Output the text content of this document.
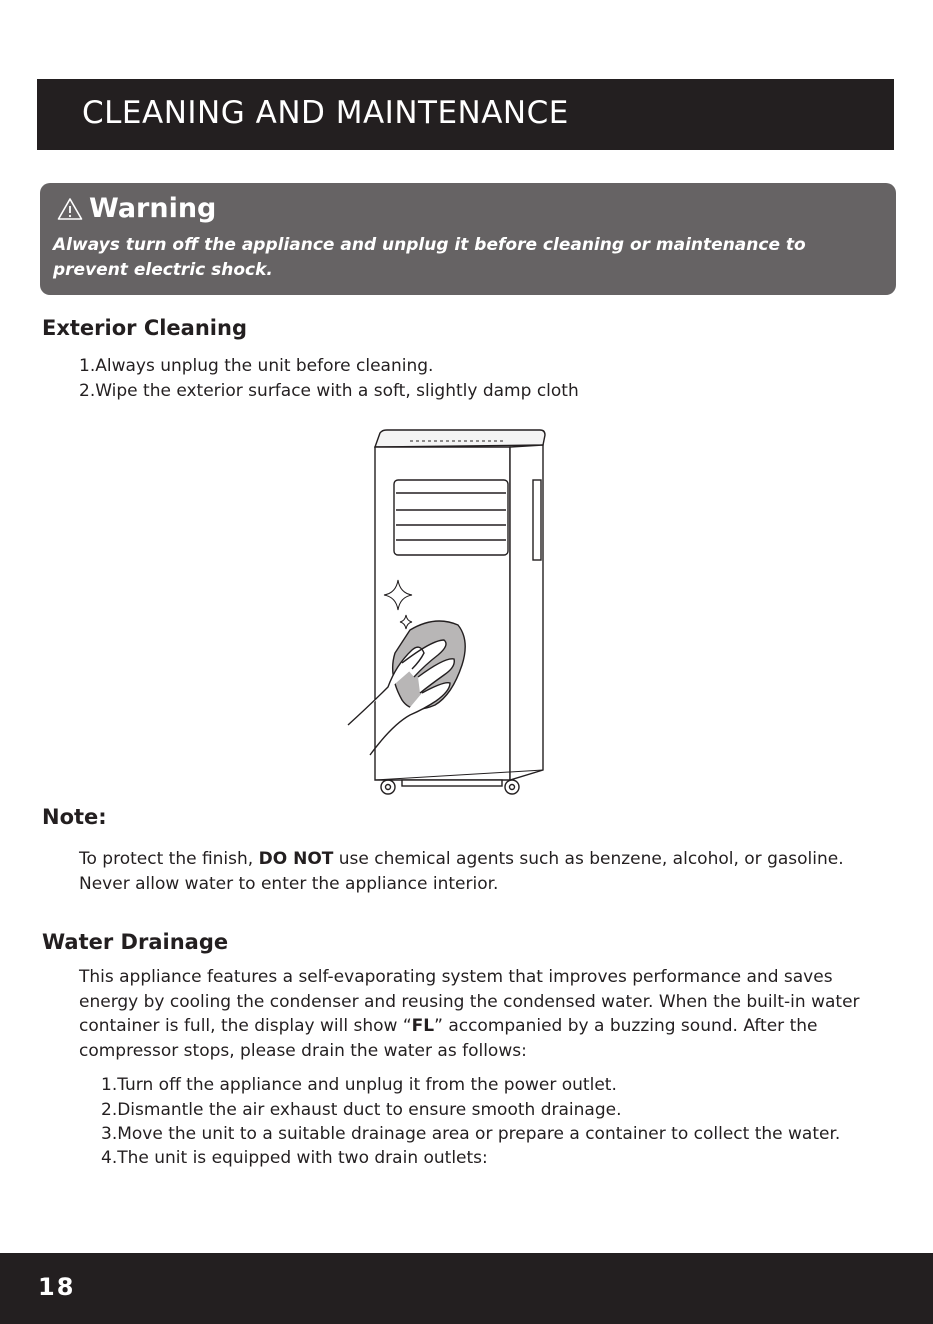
CLEANING AND MAINTENANCE
Warning
Always turn off the appliance and unplug it before cleaning or maintenance to prevent electric shock.
Exterior Cleaning

1.Always unplug the unit before cleaning.

2.Wipe the exterior surface with a soft, slightly damp cloth

Note:

To protect the finish, DO NOT use chemical agents such as benzene, alcohol, or gasoline.

Never allow water to enter the appliance interior.

Water Drainage

This appliance features a self-evaporating system that improves performance and saves energy by cooling the condenser and reusing the condensed water. When the built-in water container is full, the display will show “FL” accompanied by a buzzing sound. After the compressor stops, please drain the water as follows:

1.Turn off the appliance and unplug it from the power outlet.

2.Dismantle the air exhaust duct to ensure smooth drainage.

3.Move the unit to a suitable drainage area or prepare a container to collect the water.

4.The unit is equipped with two drain outlets:

18
